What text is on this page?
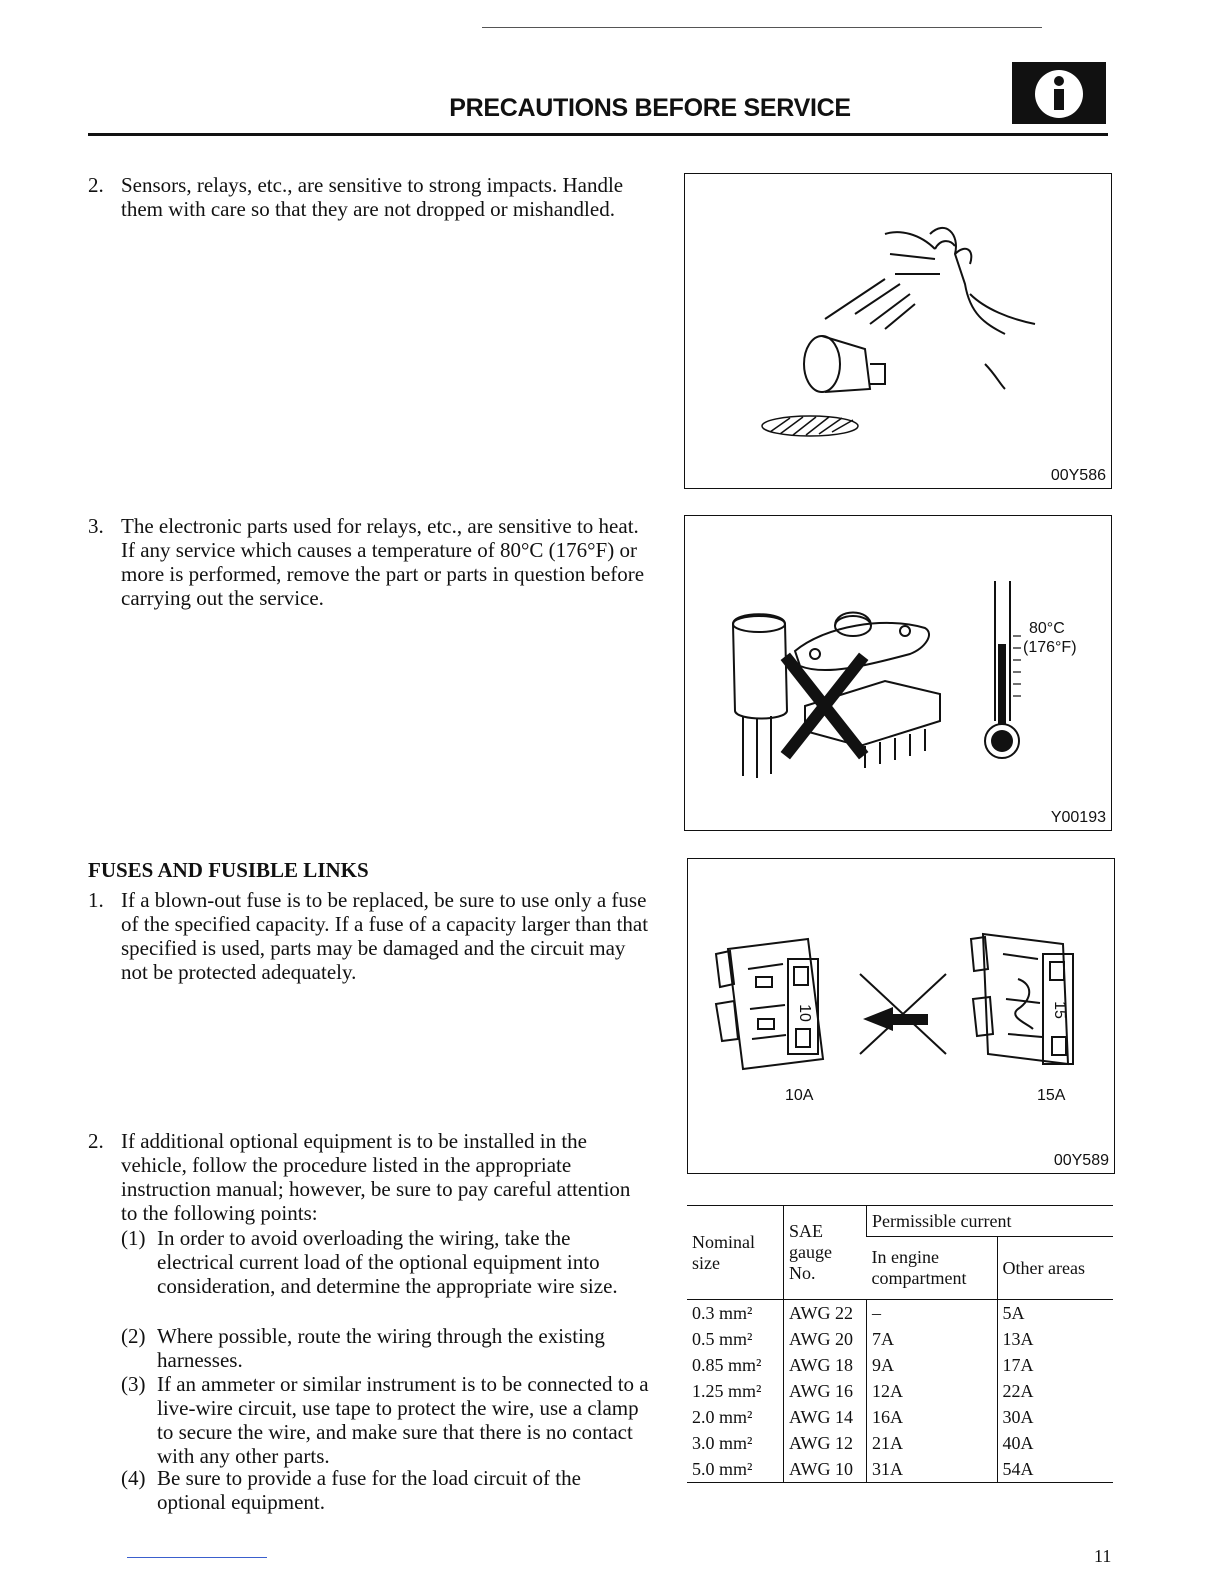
PRECAUTIONS BEFORE SERVICE
2. Sensors, relays, etc., are sensitive to strong impacts. Handle them with care so that they are not dropped or mishandled.
00Y586
3. The electronic parts used for relays, etc., are sensitive to heat. If any service which causes a temperature of 80°C (176°F) or more is performed, remove the part or parts in question before carrying out the service.
80°C
(176°F)
Y00193
FUSES AND FUSIBLE LINKS
1. If a blown-out fuse is to be replaced, be sure to use only a fuse of the specified capacity. If a fuse of a capacity larger than that specified is used, parts may be damaged and the circuit may not be protected adequately.
10	15
10A	15A
00Y589
2. If additional optional equipment is to be installed in the vehicle, follow the procedure listed in the appropriate instruction manual; however, be sure to pay careful attention to the following points:
(1) In order to avoid overloading the wiring, take the electrical current load of the optional equipment into consideration, and determine the appropriate wire size.
(2) Where possible, route the wiring through the existing harnesses.
(3) If an ammeter or similar instrument is to be connected to a live-wire circuit, use tape to protect the wire, use a clamp to secure the wire, and make sure that there is no contact with any other parts.
(4) Be sure to provide a fuse for the load circuit of the optional equipment.
Nominal size	SAE gauge No.	Permissible current	
		In engine compartment	Other areas
0.3 mm²	AWG 22	–	5A
0.5 mm²	AWG 20	7A	13A
0.85 mm²	AWG 18	9A	17A
1.25 mm²	AWG 16	12A	22A
2.0 mm²	AWG 14	16A	30A
3.0 mm²	AWG 12	21A	40A
5.0 mm²	AWG 10	31A	54A
11
